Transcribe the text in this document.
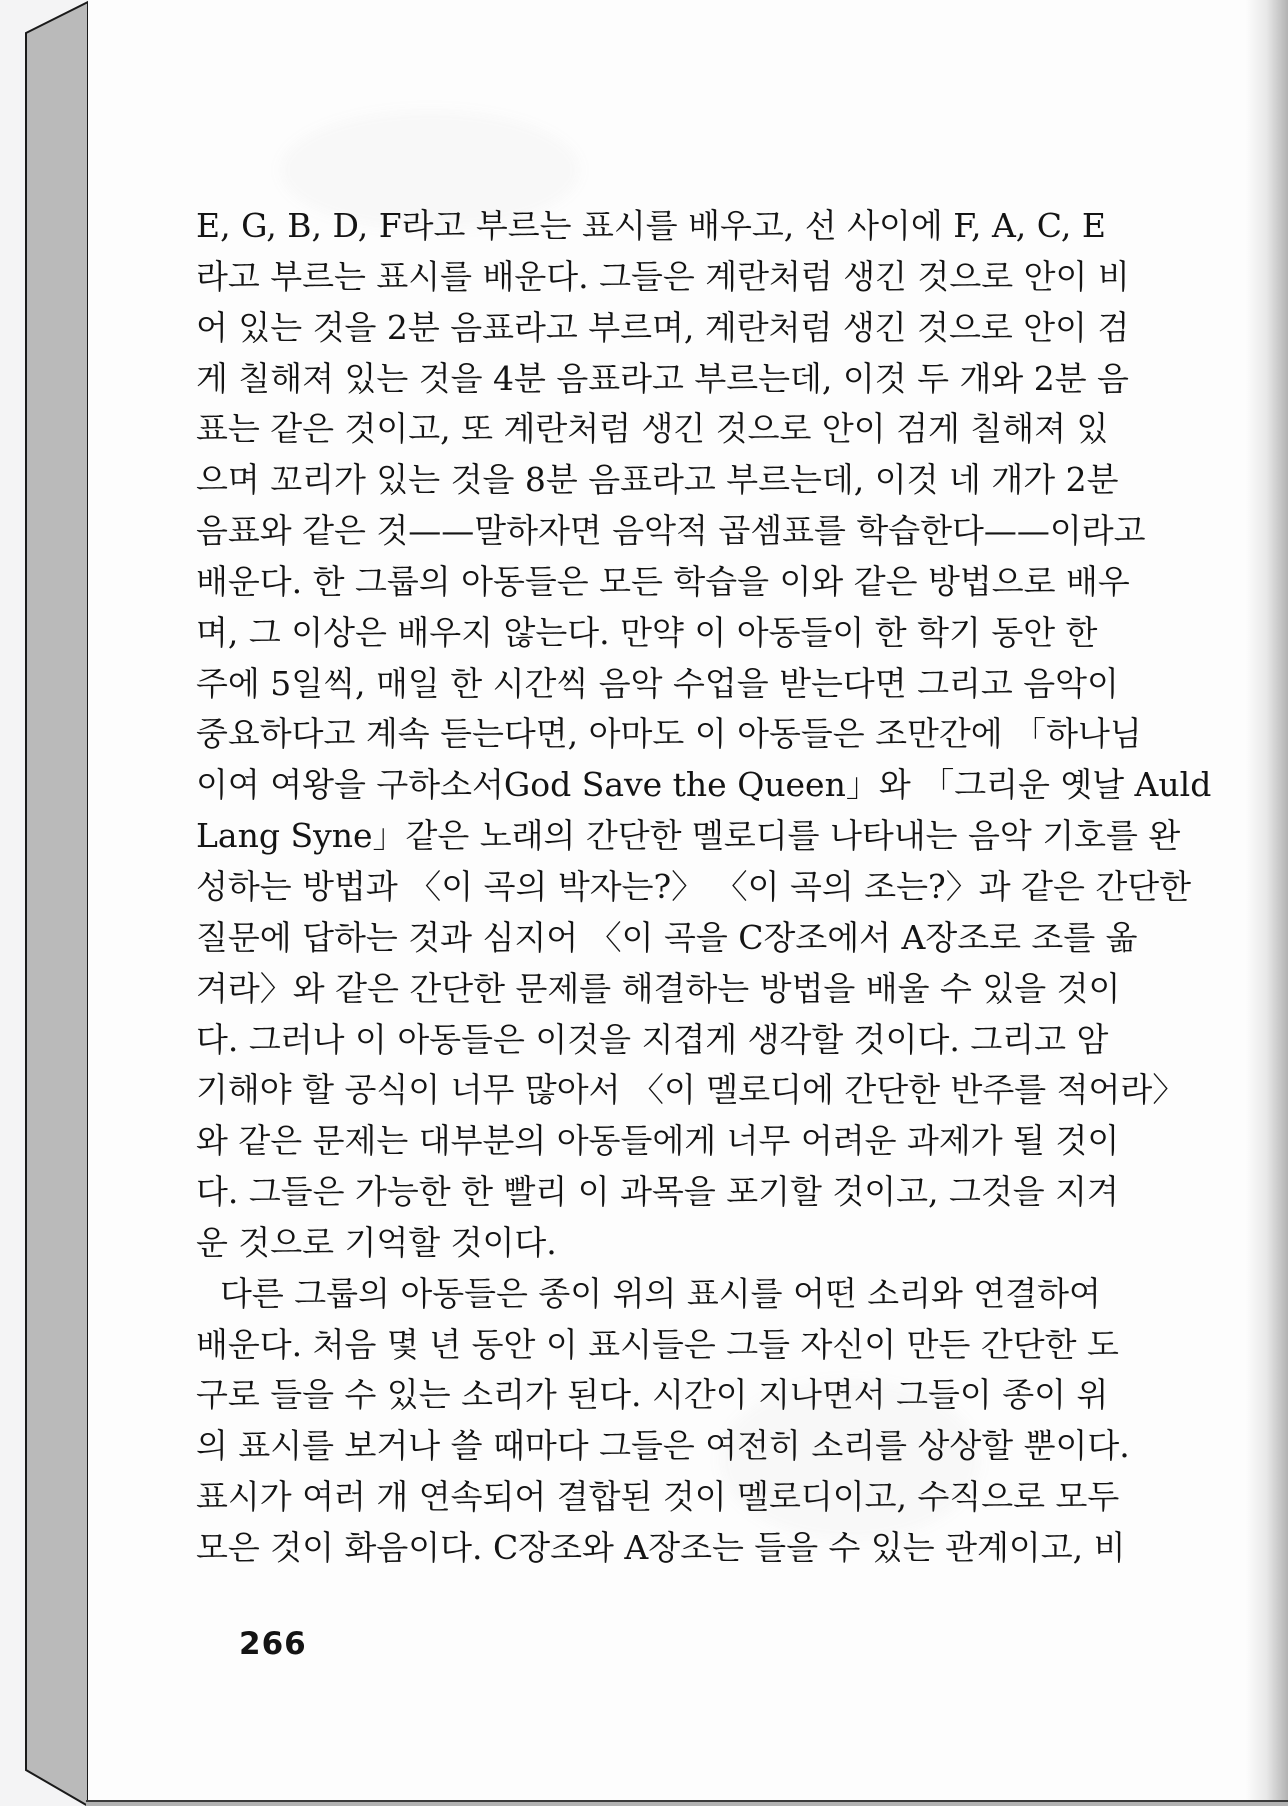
E, G, B, D, F라고 부르는 표시를 배우고, 선 사이에 F, A, C, E
라고 부르는 표시를 배운다. 그들은 계란처럼 생긴 것으로 안이 비
어 있는 것을 2분 음표라고 부르며, 계란처럼 생긴 것으로 안이 검
게 칠해져 있는 것을 4분 음표라고 부르는데, 이것 두 개와 2분 음
표는 같은 것이고, 또 계란처럼 생긴 것으로 안이 검게 칠해져 있
으며 꼬리가 있는 것을 8분 음표라고 부르는데, 이것 네 개가 2분
음표와 같은 것——말하자면 음악적 곱셈표를 학습한다——이라고
배운다. 한 그룹의 아동들은 모든 학습을 이와 같은 방법으로 배우
며, 그 이상은 배우지 않는다. 만약 이 아동들이 한 학기 동안 한
주에 5일씩, 매일 한 시간씩 음악 수업을 받는다면 그리고 음악이
중요하다고 계속 듣는다면, 아마도 이 아동들은 조만간에 「하나님
이여 여왕을 구하소서God Save the Queen」와 「그리운 옛날 Auld
Lang Syne」같은 노래의 간단한 멜로디를 나타내는 음악 기호를 완
성하는 방법과 〈이 곡의 박자는?〉 〈이 곡의 조는?〉과 같은 간단한
질문에 답하는 것과 심지어 〈이 곡을 C장조에서 A장조로 조를 옮
겨라〉와 같은 간단한 문제를 해결하는 방법을 배울 수 있을 것이
다. 그러나 이 아동들은 이것을 지겹게 생각할 것이다. 그리고 암
기해야 할 공식이 너무 많아서 〈이 멜로디에 간단한 반주를 적어라〉
와 같은 문제는 대부분의 아동들에게 너무 어려운 과제가 될 것이
다. 그들은 가능한 한 빨리 이 과목을 포기할 것이고, 그것을 지겨
운 것으로 기억할 것이다.
다른 그룹의 아동들은 종이 위의 표시를 어떤 소리와 연결하여
배운다. 처음 몇 년 동안 이 표시들은 그들 자신이 만든 간단한 도
구로 들을 수 있는 소리가 된다. 시간이 지나면서 그들이 종이 위
의 표시를 보거나 쓸 때마다 그들은 여전히 소리를 상상할 뿐이다.
표시가 여러 개 연속되어 결합된 것이 멜로디이고, 수직으로 모두
모은 것이 화음이다. C장조와 A장조는 들을 수 있는 관계이고, 비
266
